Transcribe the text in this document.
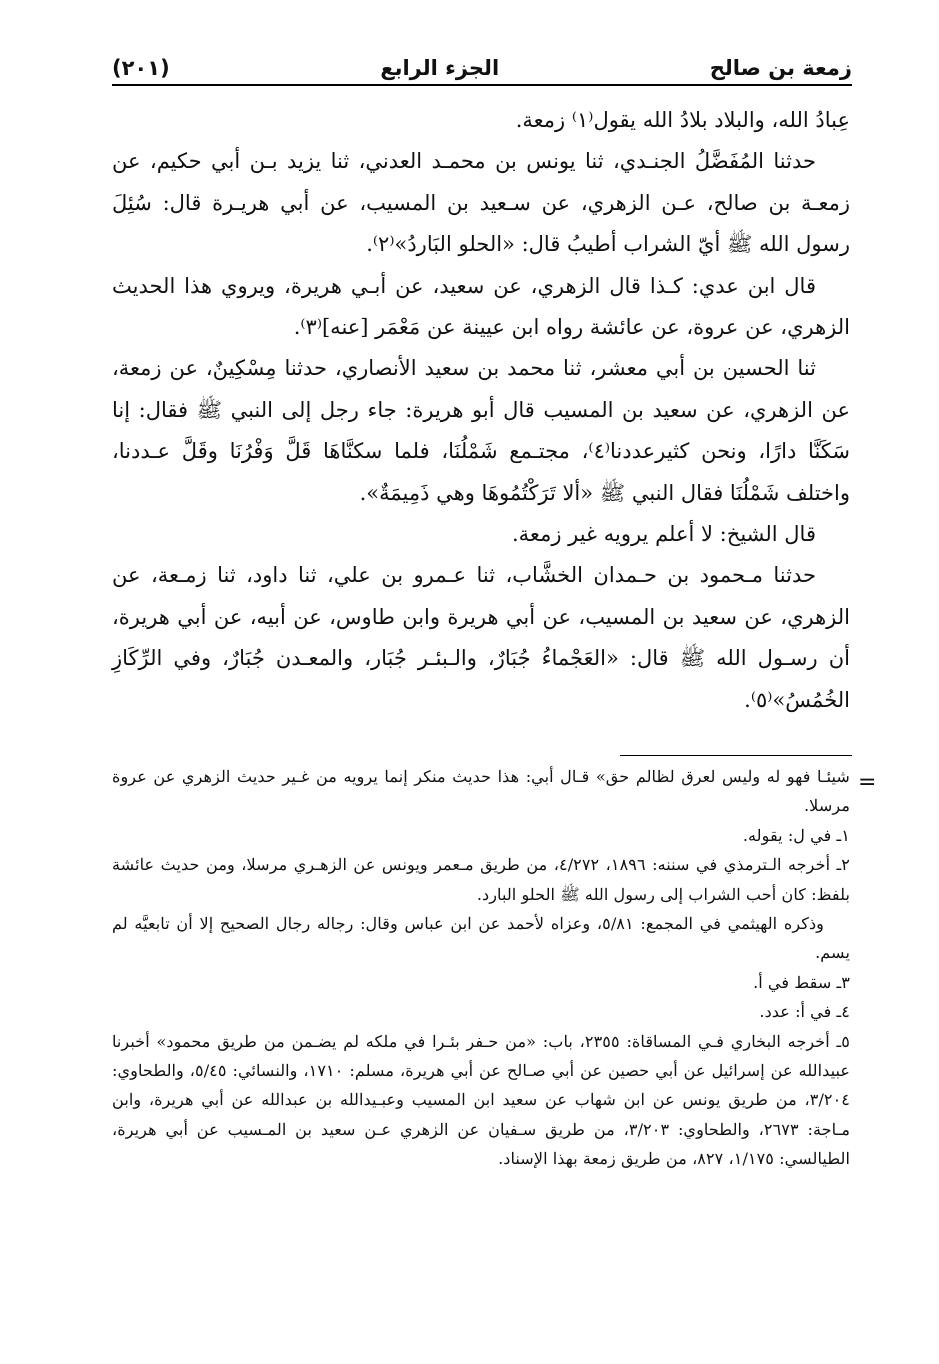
زمعة بن صالح
الجزء الرابع
(٢٠١)

عِبادُ الله، والبلاد بلادُ الله يقول⁽١⁾ زمعة.

حدثنا المُفَضَّلُ الجنـدي، ثنا يونس بن محمـد العدني، ثنا يزيد بـن أبي حكيم، عن زمعـة بن صالح، عـن الزهري، عن سـعيد بن المسيب، عن أبي هريـرة قال: سُئِلَ رسول الله ﷺ أيّ الشراب أطيبُ قال: «الحلو البَاردُ»⁽٢⁾.

قال ابن عدي: كـذا قال الزهري، عن سعيد، عن أبـي هريرة، ويروي هذا الحديث الزهري، عن عروة، عن عائشة رواه ابن عيينة عن مَعْمَر [عنه]⁽٣⁾.

ثنا الحسين بن أبي معشر، ثنا محمد بن سعيد الأنصاري، حدثنا مِسْكِينٌ، عن زمعة، عن الزهري، عن سعيد بن المسيب قال أبو هريرة: جاء رجل إلى النبي ﷺ فقال: إنا سَكَنَّا دارًا، ونحن كثيرعددنا⁽٤⁾، مجتـمع شَمْلُنَا، فلما سكنَّاهَا قَلَّ وَفْرُنَا وقَلَّ عـددنا، واختلف شَمْلُنَا فقال النبي ﷺ «ألا تَرَكْتُمُوهَا وهي ذَمِيمَةٌ».

قال الشيخ: لا أعلم يرويه غير زمعة.

حدثنا مـحمود بن حـمدان الخشَّاب، ثنا عـمرو بن علي، ثنا داود، ثنا زمـعة، عن الزهري، عن سعيد بن المسيب، عن أبي هريرة وابن طاوس، عن أبيه، عن أبي هريرة، أن رسـول الله ﷺ قال: «العَجْماءُ جُبَارٌ، والـبئـر جُبَار، والمعـدن جُبَارٌ، وفي الرِّكَازِ الخُمُسُ»⁽٥⁾.

=

شيئـا فهو له وليس لعرق لظالم حق» قـال أبي: هذا حديث منكر إنما يرويه من غـير حديث الزهري عن عروة مرسلا.

١ـ في ل: يقوله.

٢ـ أخرجه الـترمذي في سننه: ١٨٩٦، ٤/٢٧٢، من طريق مـعمر ويونس عن الزهـري مرسلا، ومن حديث عائشة بلفظ: كان أحب الشراب إلى رسول الله ﷺ الحلو البارد.

وذكره الهيثمي في المجمع: ٥/٨١، وعزاه لأحمد عن ابن عباس وقال: رجاله رجال الصحيح إلا أن تابعيَّه لم يسم.

٣ـ سقط في أ.

٤ـ في أ: عدد.

٥ـ أخرجه البخاري فـي المساقاة: ٢٣٥٥، باب: «من حـفر بئـرا في ملكه لم يضـمن من طريق محمود» أخبرنا عبيدالله عن إسرائيل عن أبي حصين عن أبي صـالح عن أبي هريرة، مسلم: ١٧١٠، والنسائي: ٥/٤٥، والطحاوي: ٣/٢٠٤، من طريق يونس عن ابن شهاب عن سعيد ابن المسيب وعبـيدالله بن عبدالله عن أبي هريرة، وابن مـاجة: ٢٦٧٣، والطحاوي: ٣/٢٠٣، من طريق سـفيان عن الزهري عـن سعيد بن المـسيب عن أبي هريرة، الطيالسي: ١/١٧٥، ٨٢٧، من طريق زمعة بهذا الإسناد.
